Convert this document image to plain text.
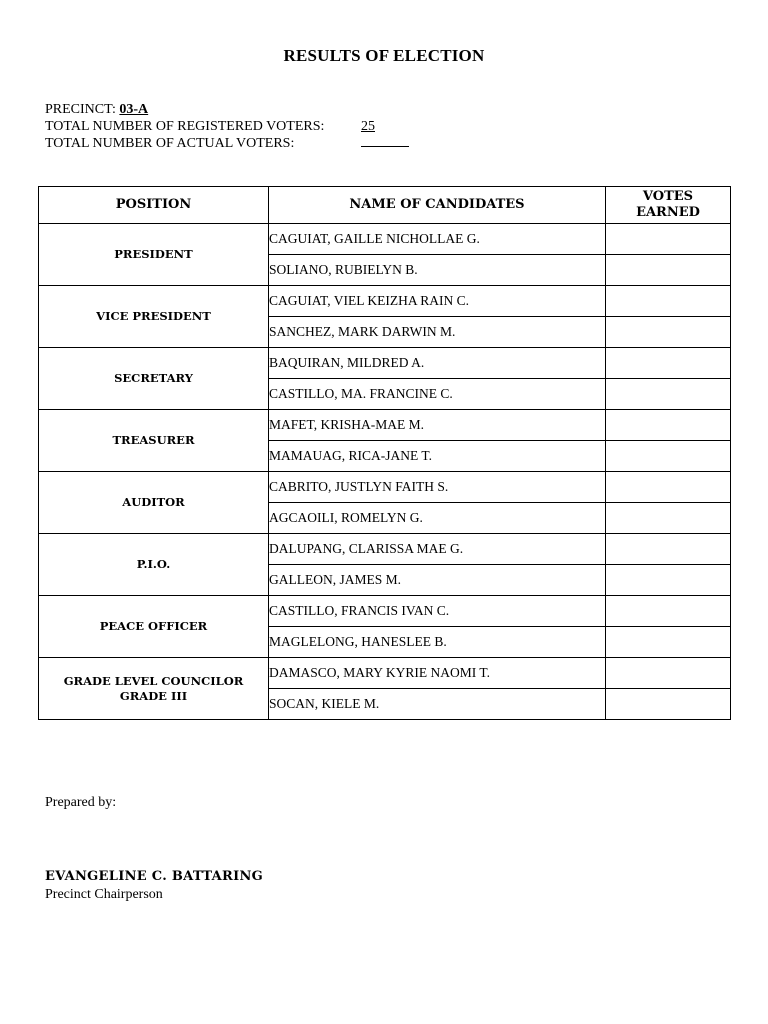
RESULTS OF ELECTION
PRECINCT:
03-A
TOTAL NUMBER OF REGISTERED VOTERS:	25
TOTAL NUMBER OF ACTUAL VOTERS:
POSITION	NAME OF CANDIDATES	VOTES EARNED
PRESIDENT	CAGUIAT, GAILLE NICHOLLAE G.	
	SOLIANO, RUBIELYN B.	
VICE PRESIDENT	CAGUIAT, VIEL KEIZHA RAIN C.	
	SANCHEZ, MARK DARWIN M.	
SECRETARY	BAQUIRAN, MILDRED A.	
	CASTILLO, MA. FRANCINE C.	
TREASURER	MAFET, KRISHA-MAE M.	
	MAMAUAG, RICA-JANE T.	
AUDITOR	CABRITO, JUSTLYN FAITH S.	
	AGCAOILI, ROMELYN G.	
P.I.O.	DALUPANG, CLARISSA MAE G.	
	GALLEON, JAMES M.	
PEACE OFFICER	CASTILLO, FRANCIS IVAN C.	
	MAGLELONG, HANESLEE B.	
GRADE LEVEL COUNCILOR
GRADE III	DAMASCO, MARY KYRIE NAOMI T.	
	SOCAN, KIELE M.	
Prepared by:
EVANGELINE C. BATTARING
Precinct Chairperson
